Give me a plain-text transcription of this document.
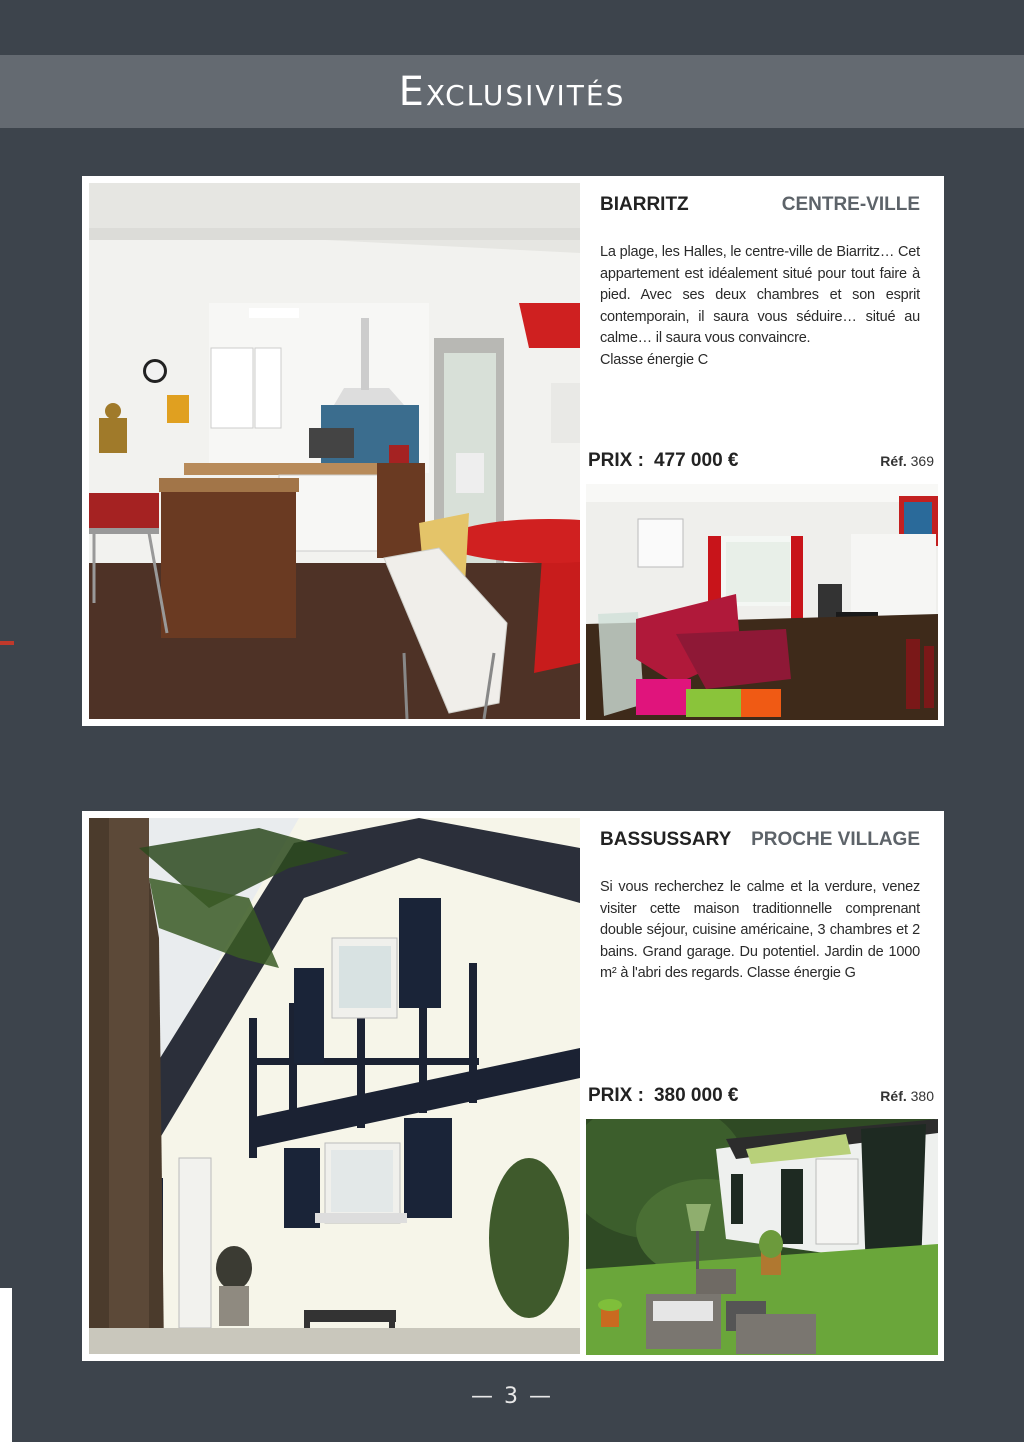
Exclusivités
BIARRITZ	CENTRE-VILLE
La plage, les Halles, le centre-ville de Biarritz… Cet appartement est idéalement situé pour tout faire à pied. Avec ses deux chambres et son esprit contemporain, il saura vous séduire… situé au calme… il saura vous convaincre.
Classe énergie C
PRIX : 477 000 €	Réf. 369
BASSUSSARY PROCHE VILLAGE
Si vous recherchez le calme et la verdure, venez visiter cette maison traditionnelle comprenant double séjour, cuisine américaine, 3 chambres et 2 bains. Grand garage. Du potentiel. Jardin de 1000 m² à l'abri des regards. Classe énergie G
PRIX : 380 000 €	Réf. 380
— 3 —
